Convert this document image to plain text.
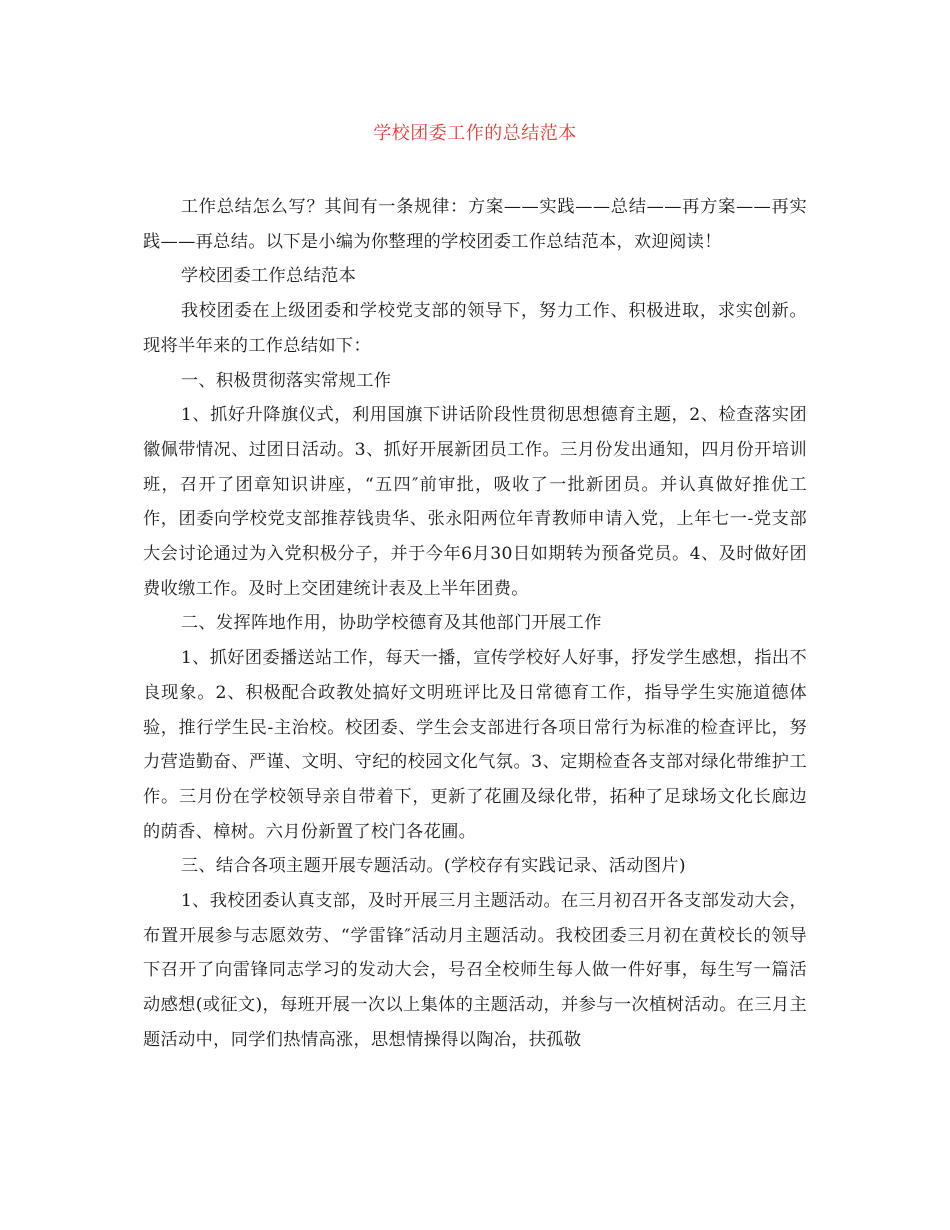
学校团委工作的总结范本

工作总结怎么写？其间有一条规律：方案——实践——总结——再方案——再实践——再总结。以下是小编为你整理的学校团委工作总结范本，欢迎阅读！

学校团委工作总结范本

我校团委在上级团委和学校党支部的领导下，努力工作、积极进取，求实创新。现将半年来的工作总结如下：

一、积极贯彻落实常规工作

1、抓好升降旗仪式，利用国旗下讲话阶段性贯彻思想德育主题，2、检查落实团徽佩带情况、过团日活动。3、抓好开展新团员工作。三月份发出通知，四月份开培训班，召开了团章知识讲座，“五四″前审批，吸收了一批新团员。并认真做好推优工作，团委向学校党支部推荐钱贵华、张永阳两位年青教师申请入党，上年七一-党支部大会讨论通过为入党积极分子，并于今年6月30日如期转为预备党员。4、及时做好团费收缴工作。及时上交团建统计表及上半年团费。

二、发挥阵地作用，协助学校德育及其他部门开展工作

1、抓好团委播送站工作，每天一播，宣传学校好人好事，抒发学生感想，指出不良现象。2、积极配合政教处搞好文明班评比及日常德育工作，指导学生实施道德体验，推行学生民-主治校。校团委、学生会支部进行各项日常行为标准的检查评比，努力营造勤奋、严谨、文明、守纪的校园文化气氛。3、定期检查各支部对绿化带维护工作。三月份在学校领导亲自带着下，更新了花圃及绿化带，拓种了足球场文化长廊边的荫香、樟树。六月份新置了校门各花圃。

三、结合各项主题开展专题活动。(学校存有实践记录、活动图片)

1、我校团委认真支部，及时开展三月主题活动。在三月初召开各支部发动大会，布置开展参与志愿效劳、“学雷锋″活动月主题活动。我校团委三月初在黄校长的领导下召开了向雷锋同志学习的发动大会，号召全校师生每人做一件好事，每生写一篇活动感想(或征文)，每班开展一次以上集体的主题活动，并参与一次植树活动。在三月主题活动中，同学们热情高涨，思想情操得以陶冶，扶孤敬
